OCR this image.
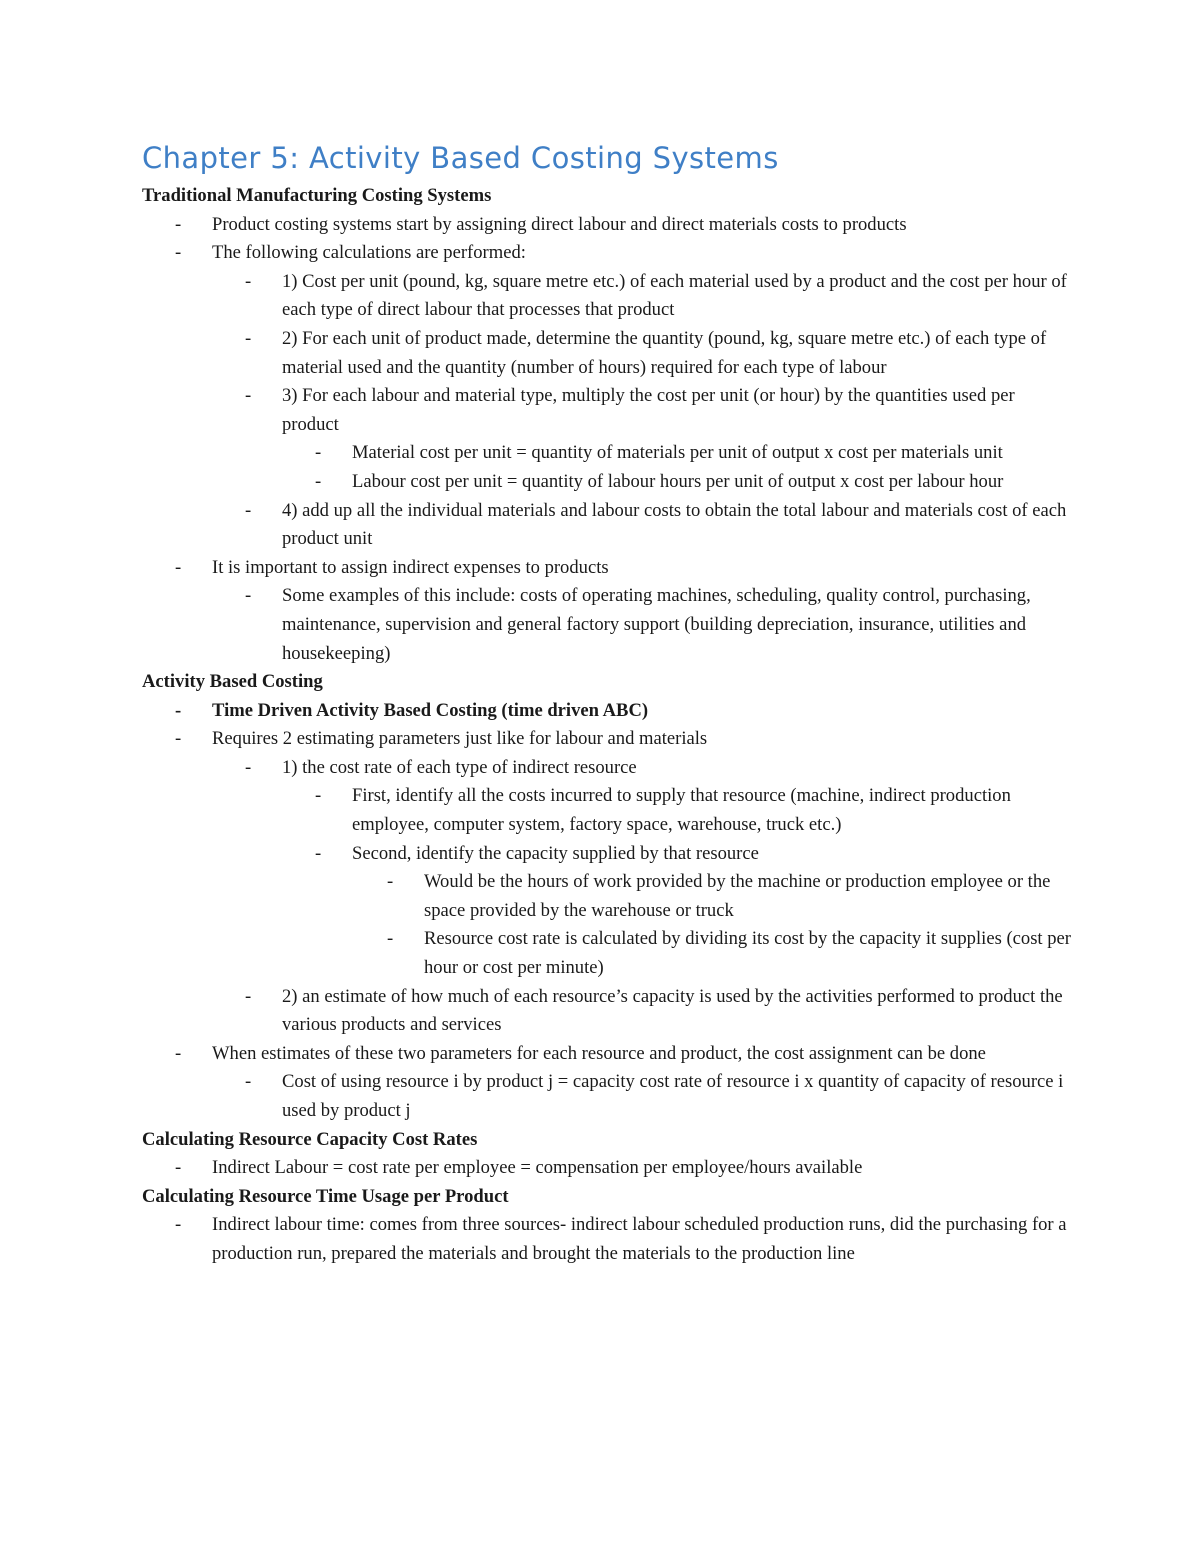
Chapter 5: Activity Based Costing Systems

Traditional Manufacturing Costing Systems

- Product costing systems start by assigning direct labour and direct materials costs to products
- The following calculations are performed:
- 1) Cost per unit (pound, kg, square metre etc.) of each material used by a product and the cost per hour of each type of direct labour that processes that product
- 2) For each unit of product made, determine the quantity (pound, kg, square metre etc.) of each type of material used and the quantity (number of hours) required for each type of labour
- 3) For each labour and material type, multiply the cost per unit (or hour) by the quantities used per product
- Material cost per unit = quantity of materials per unit of output x cost per materials unit
- Labour cost per unit = quantity of labour hours per unit of output x cost per labour hour
- 4) add up all the individual materials and labour costs to obtain the total labour and materials cost of each product unit
- It is important to assign indirect expenses to products
- Some examples of this include: costs of operating machines, scheduling, quality control, purchasing, maintenance, supervision and general factory support (building depreciation, insurance, utilities and housekeeping)

Activity Based Costing

- Time Driven Activity Based Costing (time driven ABC)
- Requires 2 estimating parameters just like for labour and materials
- 1) the cost rate of each type of indirect resource
- First, identify all the costs incurred to supply that resource (machine, indirect production employee, computer system, factory space, warehouse, truck etc.)
- Second, identify the capacity supplied by that resource
- Would be the hours of work provided by the machine or production employee or the space provided by the warehouse or truck
- Resource cost rate is calculated by dividing its cost by the capacity it supplies (cost per hour or cost per minute)
- 2) an estimate of how much of each resource’s capacity is used by the activities performed to product the various products and services
- When estimates of these two parameters for each resource and product, the cost assignment can be done
- Cost of using resource i by product j = capacity cost rate of resource i x quantity of capacity of resource i used by product j

Calculating Resource Capacity Cost Rates

- Indirect Labour = cost rate per employee = compensation per employee/hours available

Calculating Resource Time Usage per Product

- Indirect labour time: comes from three sources- indirect labour scheduled production runs, did the purchasing for a production run, prepared the materials and brought the materials to the production line
